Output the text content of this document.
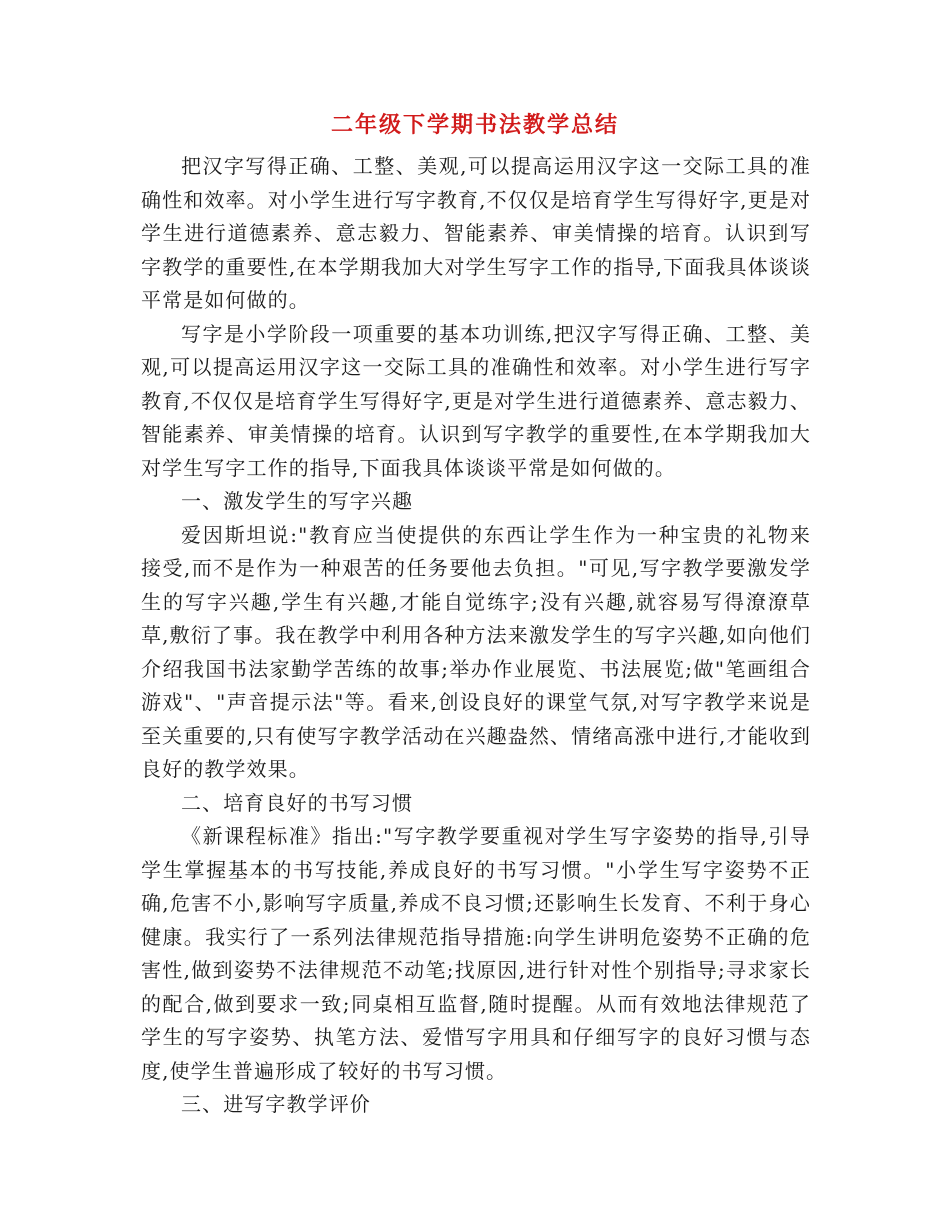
二年级下学期书法教学总结

把汉字写得正确、工整、美观,可以提高运用汉字这一交际工具的准确性和效率。对小学生进行写字教育,不仅仅是培育学生写得好字,更是对学生进行道德素养、意志毅力、智能素养、审美情操的培育。认识到写字教学的重要性,在本学期我加大对学生写字工作的指导,下面我具体谈谈平常是如何做的。

写字是小学阶段一项重要的基本功训练,把汉字写得正确、工整、美观,可以提高运用汉字这一交际工具的准确性和效率。对小学生进行写字教育,不仅仅是培育学生写得好字,更是对学生进行道德素养、意志毅力、智能素养、审美情操的培育。认识到写字教学的重要性,在本学期我加大对学生写字工作的指导,下面我具体谈谈平常是如何做的。

一、激发学生的写字兴趣

爱因斯坦说:"教育应当使提供的东西让学生作为一种宝贵的礼物来接受,而不是作为一种艰苦的任务要他去负担。"可见,写字教学要激发学生的写字兴趣,学生有兴趣,才能自觉练字;没有兴趣,就容易写得潦潦草草,敷衍了事。我在教学中利用各种方法来激发学生的写字兴趣,如向他们介绍我国书法家勤学苦练的故事;举办作业展览、书法展览;做"笔画组合游戏"、"声音提示法"等。看来,创设良好的课堂气氛,对写字教学来说是至关重要的,只有使写字教学活动在兴趣盎然、情绪高涨中进行,才能收到良好的教学效果。

二、培育良好的书写习惯

《新课程标准》指出:"写字教学要重视对学生写字姿势的指导,引导学生掌握基本的书写技能,养成良好的书写习惯。"小学生写字姿势不正确,危害不小,影响写字质量,养成不良习惯;还影响生长发育、不利于身心健康。我实行了一系列法律规范指导措施:向学生讲明危姿势不正确的危害性,做到姿势不法律规范不动笔;找原因,进行针对性个别指导;寻求家长的配合,做到要求一致;同桌相互监督,随时提醒。从而有效地法律规范了学生的写字姿势、执笔方法、爱惜写字用具和仔细写字的良好习惯与态度,使学生普遍形成了较好的书写习惯。

三、进写字教学评价
